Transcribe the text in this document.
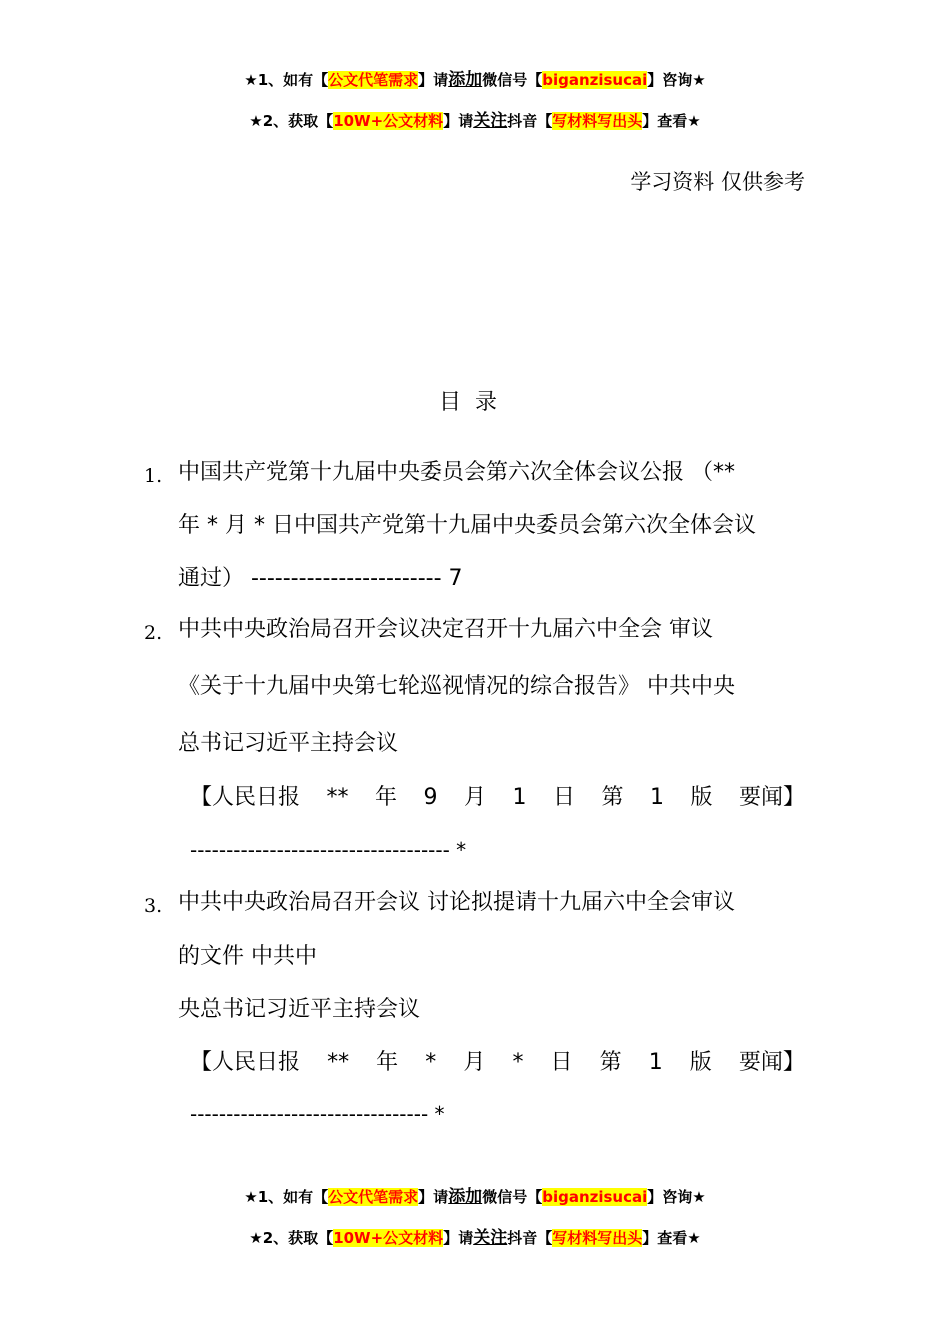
★1、如有【公文代笔需求】请添加微信号【biganzisucai】咨询★
★2、获取【10W+公文材料】请关注抖音【写材料写出头】查看★
学习资料 仅供参考
目录
1. 中国共产党第十九届中央委员会第六次全体会议公报 （**
年 * 月 * 日中国共产党第十九届中央委员会第六次全体会议
通过） ------------------------ 7
2. 中共中央政治局召开会议决定召开十九届六中全会 审议
《关于十九届中央第七轮巡视情况的综合报告》 中共中央
总书记习近平主持会议
【人民日报 ** 年 9 月 1 日 第 1 版 要闻】
------------------------------------ *
3. 中共中央政治局召开会议 讨论拟提请十九届六中全会审议
的文件 中共中
央总书记习近平主持会议
【人民日报 ** 年 * 月 * 日 第 1 版 要闻】
--------------------------------- *
★1、如有【公文代笔需求】请添加微信号【biganzisucai】咨询★
★2、获取【10W+公文材料】请关注抖音【写材料写出头】查看★
